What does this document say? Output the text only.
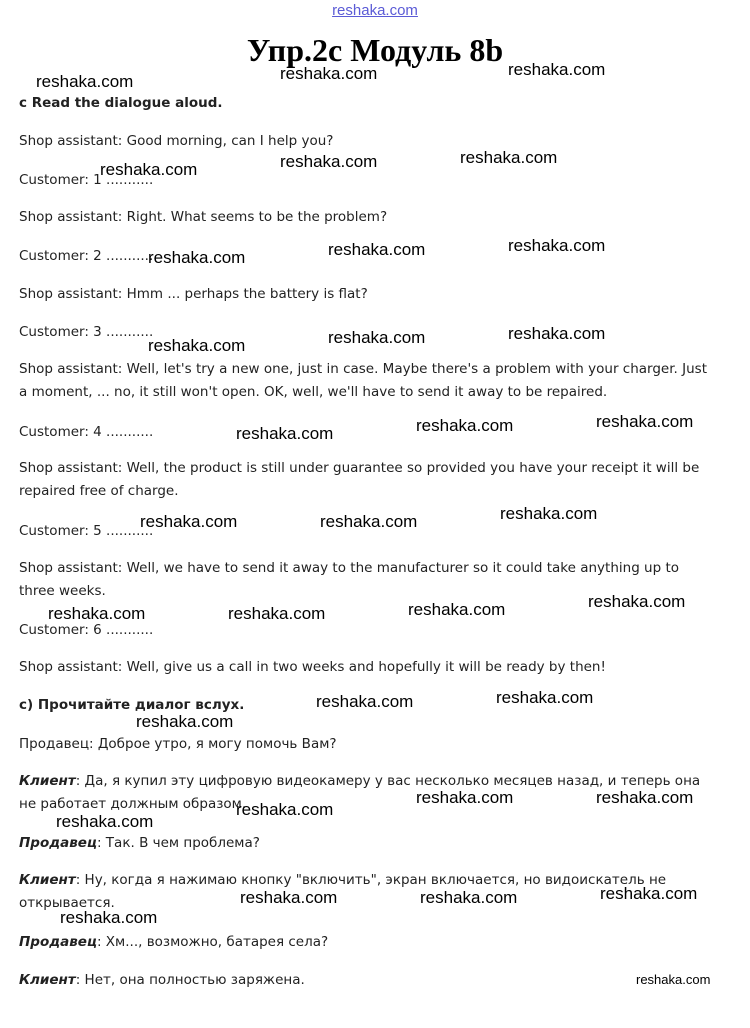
reshaka.com
Упр.2с Модуль 8b
c Read the dialogue aloud.
Shop assistant: Good morning, can I help you?
Customer: 1 ...........
Shop assistant: Right. What seems to be the problem?
Customer: 2 ...........
Shop assistant: Hmm ... perhaps the battery is flat?
Customer: 3 ...........
Shop assistant: Well, let's try a new one, just in case. Maybe there's a problem with your charger. Just a moment, ... no, it still won't open. OK, well, we'll have to send it away to be repaired.
Customer: 4 ...........
Shop assistant: Well, the product is still under guarantee so provided you have your receipt it will be repaired free of charge.
Customer: 5 ...........
Shop assistant: Well, we have to send it away to the manufacturer so it could take anything up to three weeks.
Customer: 6 ...........
Shop assistant: Well, give us a call in two weeks and hopefully it will be ready by then!
с) Прочитайте диалог вслух.
Продавец: Доброе утро, я могу помочь Вам?
Клиент: Да, я купил эту цифровую видеокамеру у вас несколько месяцев назад, и теперь она не работает должным образом.
Продавец: Так. В чем проблема?
Клиент: Ну, когда я нажимаю кнопку "включить", экран включается, но видоискатель не открывается.
Продавец: Хм..., возможно, батарея села?
Клиент: Нет, она полностью заряжена.
reshaka.com	reshaka.com	reshaka.com
reshaka.com	reshaka.com	reshaka.com
reshaka.com	reshaka.com	reshaka.com
reshaka.com	reshaka.com	reshaka.com
reshaka.com	reshaka.com	reshaka.com
reshaka.com	reshaka.com	reshaka.com
reshaka.com	reshaka.com	reshaka.com	reshaka.com
reshaka.com	reshaka.com
reshaka.com
reshaka.com
reshaka.com	reshaka.com
reshaka.com
reshaka.com	reshaka.com	reshaka.com
reshaka.com
reshaka.com
